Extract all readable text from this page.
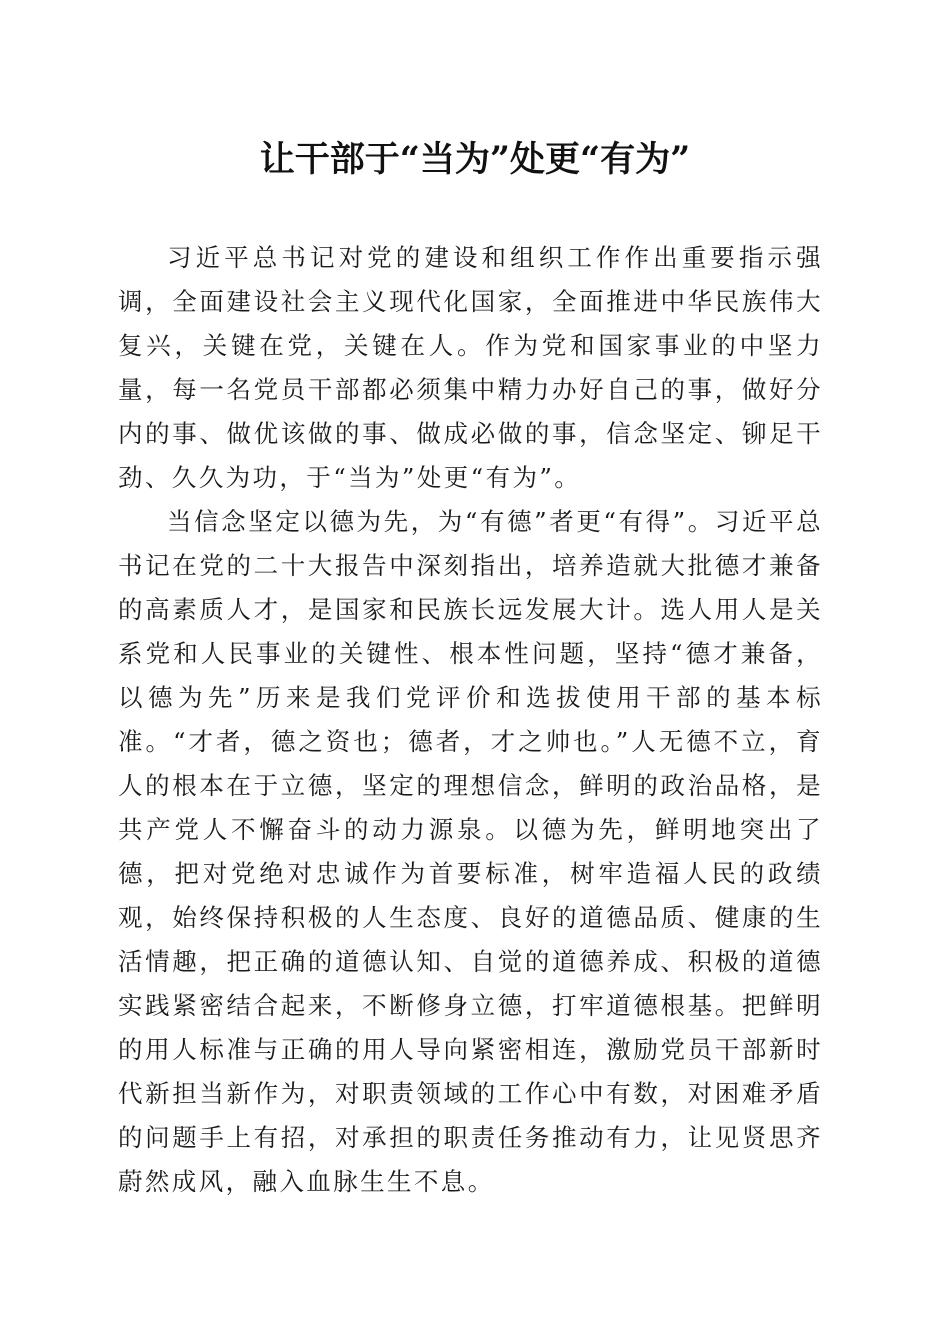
让干部于“当为”处更“有为”

习近平总书记对党的建设和组织工作作出重要指示强调，全面建设社会主义现代化国家，全面推进中华民族伟大复兴，关键在党，关键在人。作为党和国家事业的中坚力量，每一名党员干部都必须集中精力办好自己的事，做好分内的事、做优该做的事、做成必做的事，信念坚定、铆足干劲、久久为功，于“当为”处更“有为”。

当信念坚定以德为先，为“有德”者更“有得”。习近平总书记在党的二十大报告中深刻指出，培养造就大批德才兼备的高素质人才，是国家和民族长远发展大计。选人用人是关系党和人民事业的关键性、根本性问题，坚持“德才兼备，以德为先”历来是我们党评价和选拔使用干部的基本标准。“才者，德之资也；德者，才之帅也。”人无德不立，育人的根本在于立德，坚定的理想信念，鲜明的政治品格，是共产党人不懈奋斗的动力源泉。以德为先，鲜明地突出了德，把对党绝对忠诚作为首要标准，树牢造福人民的政绩观，始终保持积极的人生态度、良好的道德品质、健康的生活情趣，把正确的道德认知、自觉的道德养成、积极的道德实践紧密结合起来，不断修身立德，打牢道德根基。把鲜明的用人标准与正确的用人导向紧密相连，激励党员干部新时代新担当新作为，对职责领域的工作心中有数，对困难矛盾的问题手上有招，对承担的职责任务推动有力，让见贤思齐蔚然成风，融入血脉生生不息。
